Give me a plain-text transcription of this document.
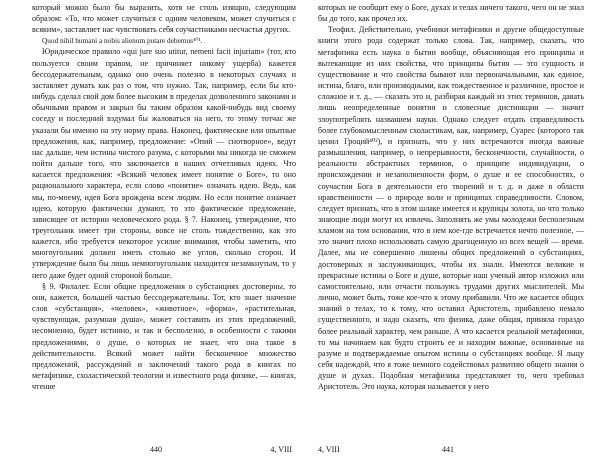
который можно было бы выразить, хотя не столь изящно, следующим образом: «То, что может случиться с одним человеком, может случиться с всяким», заставляет нас чувствовать себя соучастниками несчастья других.

Quod nihil humani a nobis alienum putare debemus⁴⁰¹.

Юридическое правило «qui jure suo utitur, nemeni facit injuriam» (тот, кто пользуется своим правом, не причиняет никому ущерба) кажется бессодержательным, однако оно очень полезно в некоторых случаях и заставляет думать как раз о том, что нужно. Так, например, если бы кто-нибудь сделал свой дом более высоким в пределах дозволенного законами и обычными правом и закрыл бы таким образом какой-нибудь вид своему соседу и последний вздумал бы жаловаться на него, то этому тотчас же указали бы именно на эту норму права. Наконец, фактические или опытные предложения, как, например, предложение: «Опий — снотворное», ведут нас дальше, чем истины чистого разума, с которыми мы никогда не сможем пойти дальше того, что заключается в наших отчетливых идеях. Что касается предложения: «Всякий человек имеет понятие о Боге», то оно рационального характера, если слово «понятие» означать идею. Ведь, как мы, по-моему, идея Бога врождена всем людям. Но если понятие означает идею, которую фактически думают, то это фактическое предложение, зависящее от истории человеческого рода. § 7. Наконец, утверждение, что треугольник имеет три стороны, вовсе не столь тождественно, как это кажется, ибо требуется некоторое усилие внимания, чтобы заметить, что многоугольник должен иметь столько же углов, сколько сторон. И утверждение было бы лишь немногоугольник находится незамкнутым, то у него даже будет одной стороной больше.

§ 9. Филалет. Если общие предложения о субстанциях достоверны, то они, кажется, большей частью бессодержательны. Тот, кто знает значение слов «субстанция», «человек», «животное», «форма», «растительная, чувствующая, разумная душа», может составить из этих предложений, несомненно, будет истинно, и так и бесполезно, в особенности с такими предложениями, о душе, о которых не знает, что она такое в действительности. Всякий может найти бесконечное множество предложений, рассуждений и заключений такого рода в книгах по метафизике, схоластической теологии и известного рода физике, — книгах, чтение

которых не сообщит ему о Боге, духах и телах ничего такого, чего он не знал бы до того, как прочел их.

Теофил. Действительно, учебники метафизики и другие общедоступные книги этого рода содержат только слова. Так, например, сказать, что метафизика есть наука о бытии вообще, объясняющая его принципы и вытекающие из них свойства, что принципы бытия — это сущность и существование и что свойства бывают или первоначальными, как единое, истина, благо, или производными, как тождественное и различное, простое и сложное и т. д., — сказать это и, разбирая каждый из этих терминов, давать лишь неопределенные понятия и словесные дистинкции — значит злоупотреблять названием науки. Однако следует отдать справедливость более глубокомысленным схоластикам, как, например, Суарес (которого так ценил Гроций⁴⁰²), и признать, что у них встречаются иногда важные размышления, например, о непрерывности, бесконечности, случайности, о реальности абстрактных терминов, о принципе индивидуации, о происхождении и незаполненности форм, о душе и ее способностях, о соучастии Бога в деятельности его творений и т. д. и даже в области нравственности — о природе воли и принципах справедливости. Словом, следует признать, что в этом шлаке имеется и крупицы золота, но что только знающие люди могут их извлечь. Заполнять же умы молодежи бесполезным хламом на том основании, что в нем кое-где встречается нечто полезное, — это значит плохо использовать самую драгоценную из всех вещей — время. Далее, мы не совершенно лишены общих предложений о субстанциях, достоверных и заслуживающих, чтобы их знали. Имеются великие и прекрасные истины о Боге и душе, которые наш ученый автор изложил или самостоятельно, или отчасти пользуясь трудами других мыслителей. Мы лично, может быть, тоже кое-что к этому прибавили. Что же касается общих знаний о телах, то к тому, что оставил Аристотель, прибавлено немало существенного, и надо сказать, что физика, даже общая, приняла гораздо более реальный характер, чем раньше. А что касается реальной метафизики, то мы начинаем как будто строить ее и находим важные, основанные на разуме и подтверждаемые опытом истины о субстанциях вообще. Я льщу себя надеждой, что я тоже немного содействовал развитию общего знания о душе и духах. Подобная метафизика представляет то, чего требовал Аристотель. Это наука, которая называется у него

440	4, VIII	4, VIII	441
